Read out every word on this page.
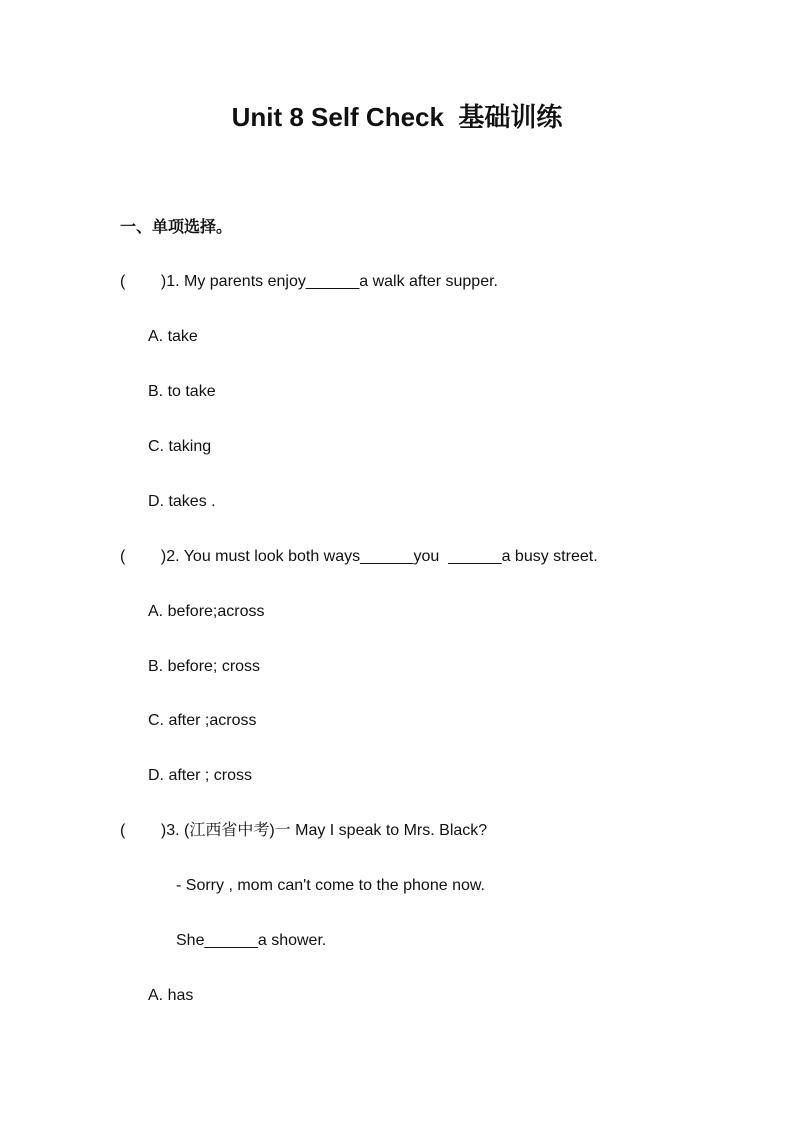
Unit 8 Self Check  基础训练
一、单项选择。
(        )1. My parents enjoy______a walk after supper.
A. take
B. to take
C. taking
D. takes .
(        )2. You must look both ways______you  ______a busy street.
A. before;across
B. before; cross
C. after ;across
D. after ; cross
(        )3. (江西省中考)一 May I speak to Mrs. Black?
- Sorry , mom can't come to the phone now.
She______a shower.
A. has
